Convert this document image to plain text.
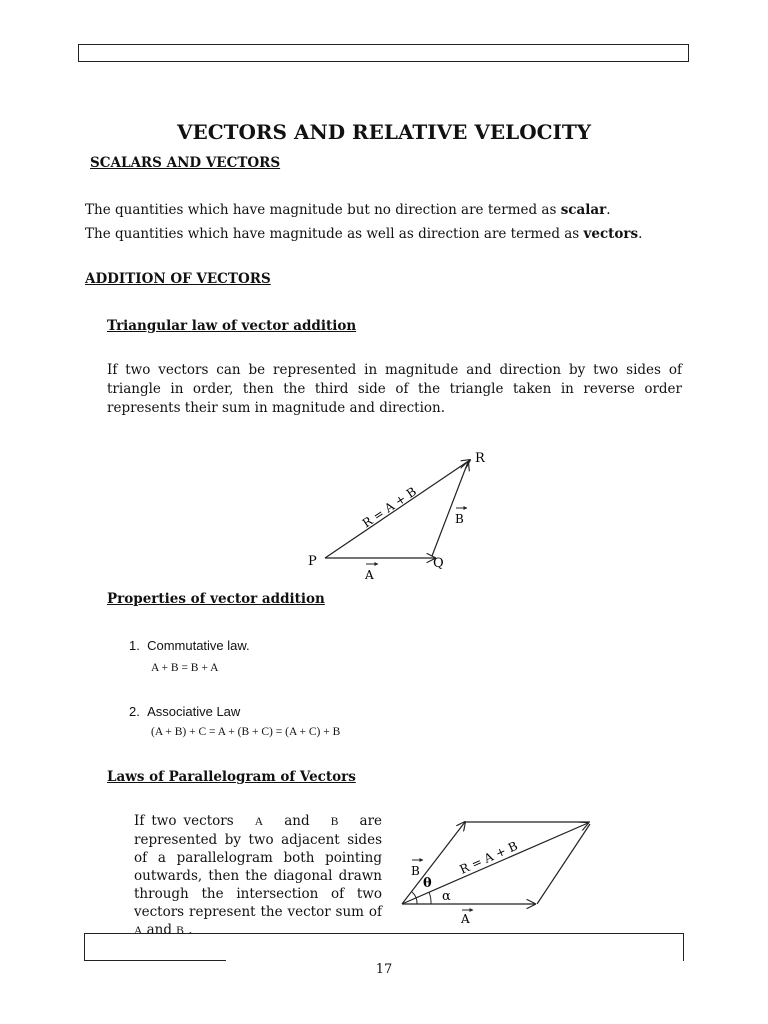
VECTORS AND RELATIVE VELOCITY
SCALARS AND VECTORS
The quantities which have magnitude but no direction are termed as scalar.
The quantities which have magnitude as well as direction are termed as vectors.
ADDITION OF VECTORS
Triangular law of vector addition
If two vectors can be represented in magnitude and direction by two sides of triangle in order, then the third side of the triangle taken in reverse order represents their sum in magnitude and direction.
P	Q
R
A
B
R = A + B
Properties of vector addition
1. Commutative law.
A + B = B + A
2. Associative Law
(A + B) + C = A + (B + C) = (A + C) + B
Laws of Parallelogram of Vectors
If two vectors A and B are represented by two adjacent sides of a parallelogram both pointing outwards, then the diagonal drawn through the intersection of two vectors represent the vector sum of A and B .
θ
α
A
B	R = A + B
17
